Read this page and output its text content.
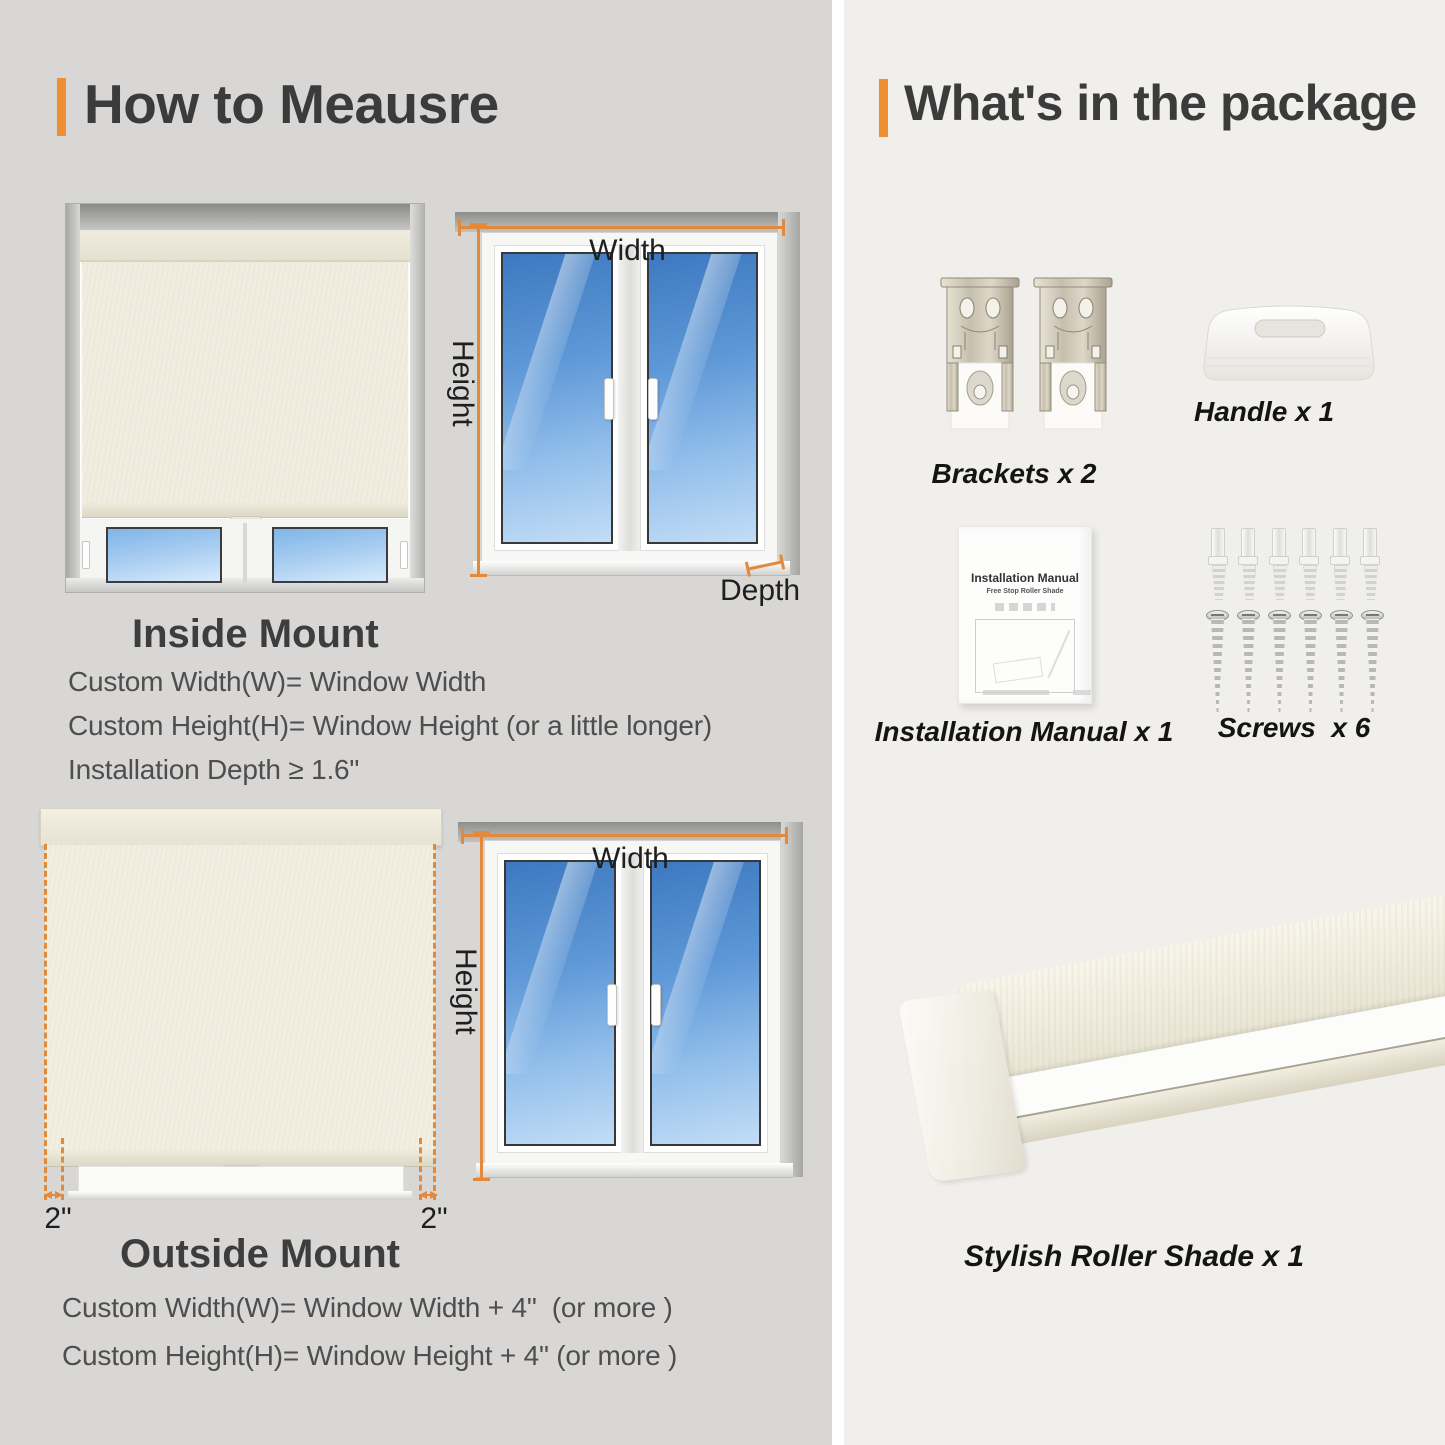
How to Meausre
Width
Height
Depth
Inside Mount
Custom Width(W)= Window Width
Custom Height(H)= Window Height (or a little longer)
Installation Depth ≥ 1.6"
2"	2"
Width
Height
Outside Mount
Custom Width(W)= Window Width + 4"  (or more )
Custom Height(H)= Window Height + 4" (or more )
What's in the package
Brackets x 2
Handle x 1
Installation Manual
Free Stop Roller Shade
Installation Manual x 1	Screws  x 6
Stylish Roller Shade x 1
